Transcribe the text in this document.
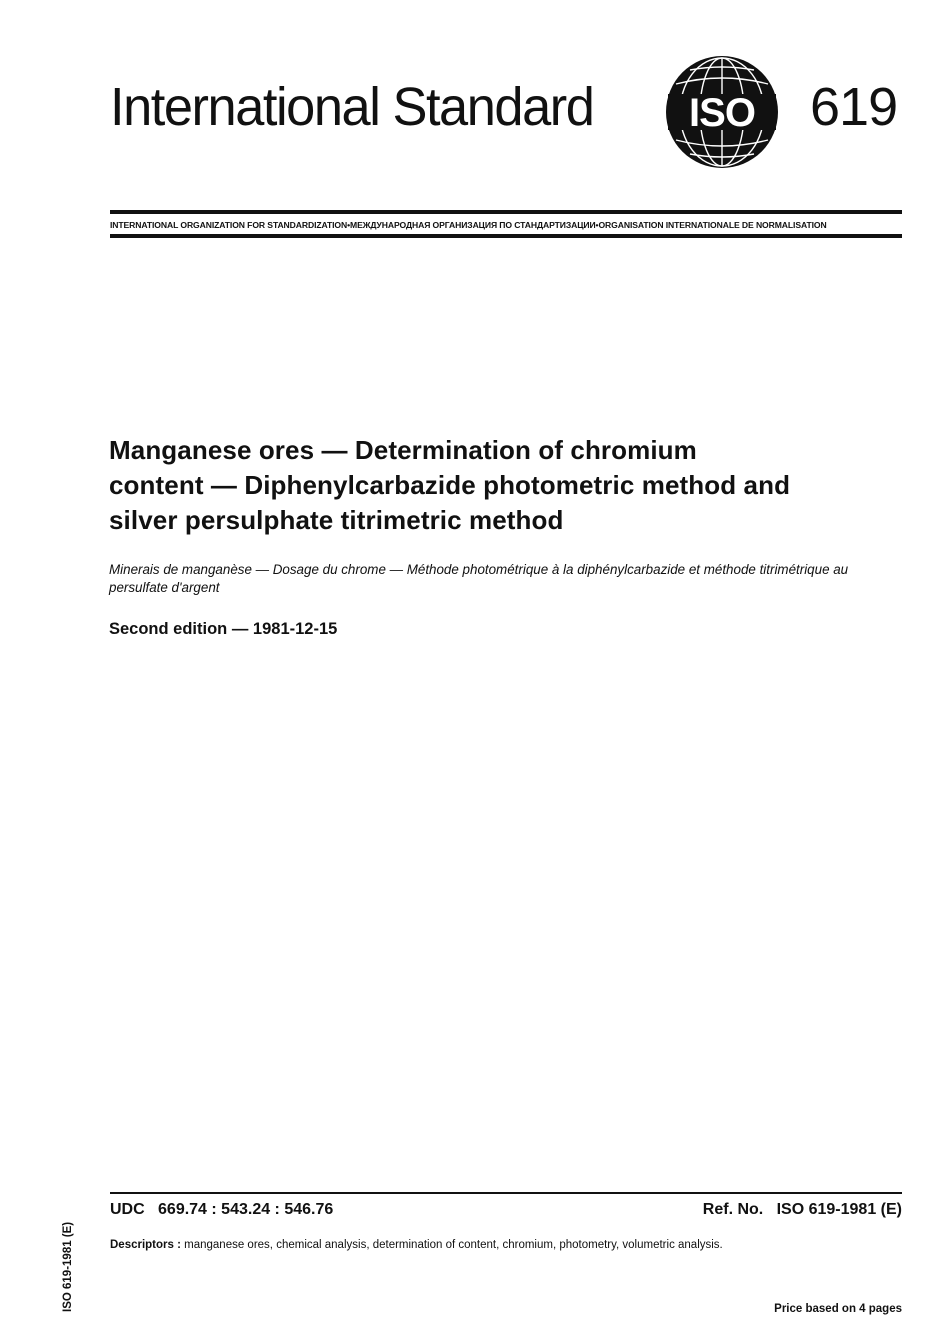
International Standard ISO 619
INTERNATIONAL ORGANIZATION FOR STANDARDIZATION•МЕЖДУНАРОДНАЯ ОРГАНИЗАЦИЯ ПО СТАНДАРТИЗАЦИИ•ORGANISATION INTERNATIONALE DE NORMALISATION
Manganese ores — Determination of chromium
content — Diphenylcarbazide photometric method and
silver persulphate titrimetric method
Minerais de manganèse — Dosage du chrome — Méthode photométrique à la diphénylcarbazide et méthode titrimétrique au persulfate d'argent
Second edition — 1981-12-15
UDC 669.74 : 543.24 : 546.76	Ref. No. ISO 619-1981 (E)
Descriptors : manganese ores, chemical analysis, determination of content, chromium, photometry, volumetric analysis.
Price based on 4 pages
ISO 619-1981 (E)
